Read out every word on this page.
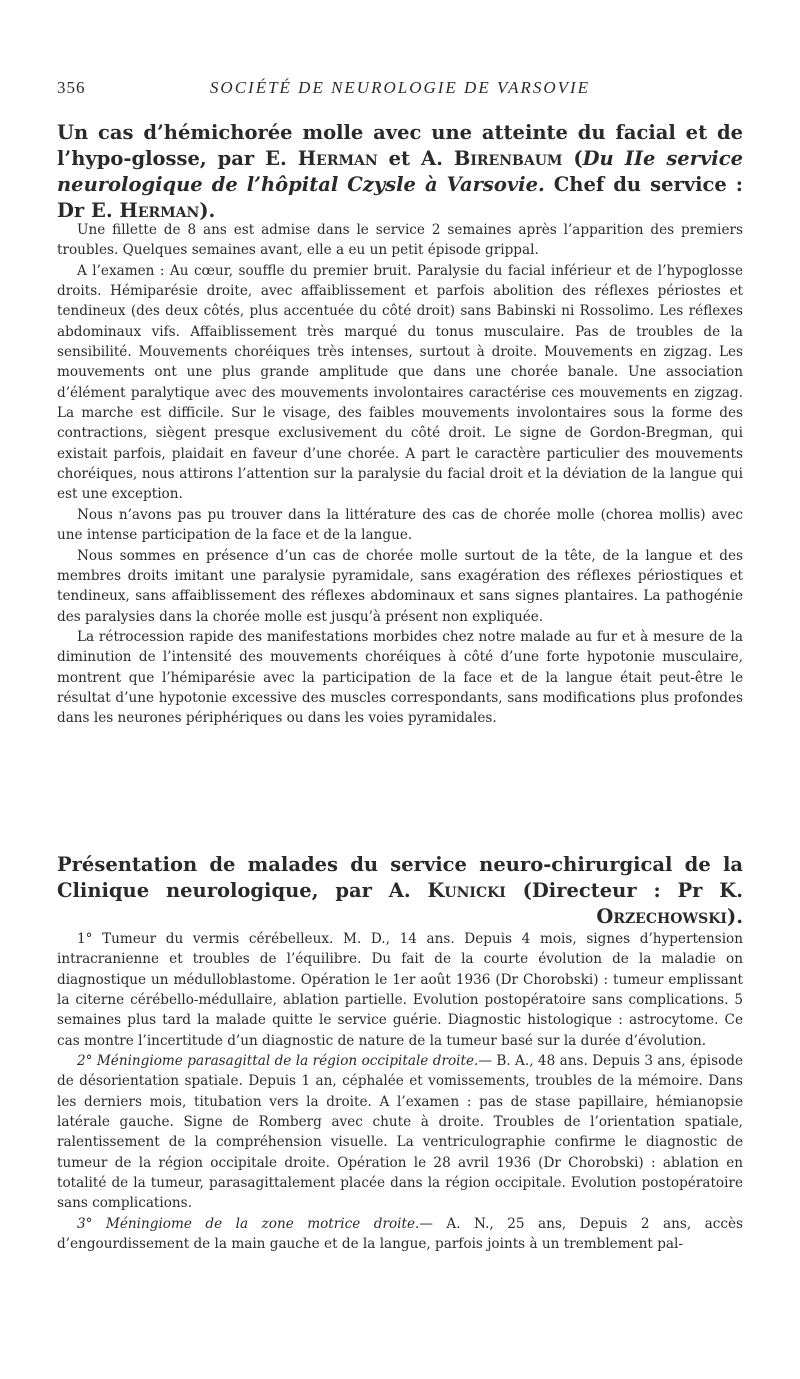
356	SOCIÉTÉ DE NEUROLOGIE DE VARSOVIE
Un cas d’hémichorée molle avec une atteinte du facial et de l’hypo-glosse, par E. Herman et A. Birenbaum (Du IIe service neurologique de l’hôpital Czysle à Varsovie. Chef du service : Dr E. Herman).

Une fillette de 8 ans est admise dans le service 2 semaines après l’apparition des premiers troubles. Quelques semaines avant, elle a eu un petit épisode grippal.

A l’examen : Au cœur, souffle du premier bruit. Paralysie du facial inférieur et de l’hypoglosse droits. Hémiparésie droite, avec affaiblissement et parfois abolition des réflexes périostes et tendineux (des deux côtés, plus accentuée du côté droit) sans Babinski ni Rossolimo. Les réflexes abdominaux vifs. Affaiblissement très marqué du tonus musculaire. Pas de troubles de la sensibilité. Mouvements choréiques très intenses, surtout à droite. Mouvements en zigzag. Les mouvements ont une plus grande amplitude que dans une chorée banale. Une association d’élément paralytique avec des mouvements involontaires caractérise ces mouvements en zigzag. La marche est difficile. Sur le visage, des faibles mouvements involontaires sous la forme des contractions, siègent presque exclusivement du côté droit. Le signe de Gordon-Bregman, qui existait parfois, plaidait en faveur d’une chorée. A part le caractère particulier des mouvements choréiques, nous attirons l’attention sur la paralysie du facial droit et la déviation de la langue qui est une exception.

Nous n’avons pas pu trouver dans la littérature des cas de chorée molle (chorea mollis) avec une intense participation de la face et de la langue.

Nous sommes en présence d’un cas de chorée molle surtout de la tête, de la langue et des membres droits imitant une paralysie pyramidale, sans exagération des réflexes périostiques et tendineux, sans affaiblissement des réflexes abdominaux et sans signes plantaires. La pathogénie des paralysies dans la chorée molle est jusqu’à présent non expliquée.

La rétrocession rapide des manifestations morbides chez notre malade au fur et à mesure de la diminution de l’intensité des mouvements choréiques à côté d’une forte hypotonie musculaire, montrent que l’hémiparésie avec la participation de la face et de la langue était peut-être le résultat d’une hypotonie excessive des muscles correspondants, sans modifications plus profondes dans les neurones périphériques ou dans les voies pyramidales.

Présentation de malades du service neuro-chirurgical de la Clinique neurologique, par A. Kunicki (Directeur : Pr K. Orzechowski).

1° Tumeur du vermis cérébelleux. M. D., 14 ans. Depuis 4 mois, signes d’hypertension intracranienne et troubles de l’équilibre. Du fait de la courte évolution de la maladie on diagnostique un médulloblastome. Opération le 1er août 1936 (Dr Chorobski) : tumeur emplissant la citerne cérébello-médullaire, ablation partielle. Evolution postopératoire sans complications. 5 semaines plus tard la malade quitte le service guérie. Diagnostic histologique : astrocytome. Ce cas montre l’incertitude d’un diagnostic de nature de la tumeur basé sur la durée d’évolution.

2° Méningiome parasagittal de la région occipitale droite.— B. A., 48 ans. Depuis 3 ans, épisode de désorientation spatiale. Depuis 1 an, céphalée et vomissements, troubles de la mémoire. Dans les derniers mois, titubation vers la droite. A l’examen : pas de stase papillaire, hémianopsie latérale gauche. Signe de Romberg avec chute à droite. Troubles de l’orientation spatiale, ralentissement de la compréhension visuelle. La ventriculographie confirme le diagnostic de tumeur de la région occipitale droite. Opération le 28 avril 1936 (Dr Chorobski) : ablation en totalité de la tumeur, parasagittalement placée dans la région occipitale. Evolution postopératoire sans complications.

3° Méningiome de la zone motrice droite.— A. N., 25 ans, Depuis 2 ans, accès d’engourdissement de la main gauche et de la langue, parfois joints à un tremblement pal-
